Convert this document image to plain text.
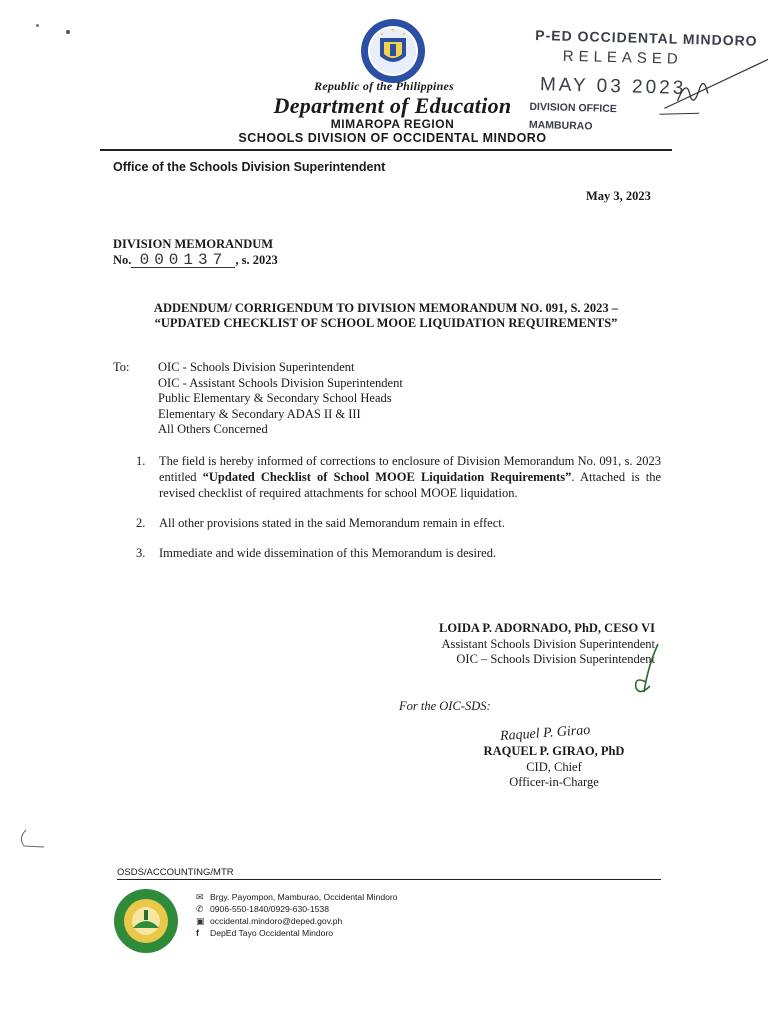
Republic of the Philippines
Department of Education
MIMAROPA REGION
SCHOOLS DIVISION OF OCCIDENTAL MINDORO
P-ED OCCIDENTAL MINDORO
RELEASED
MAY 03 2023
DIVISION OFFICE
MAMBURAO
Office of the Schools Division Superintendent
May 3, 2023
DIVISION MEMORANDUM
No. 000137 , s. 2023
ADDENDUM/ CORRIGENDUM TO DIVISION MEMORANDUM NO. 091, S. 2023 –
“UPDATED CHECKLIST OF SCHOOL MOOE LIQUIDATION REQUIREMENTS”
To: OIC - Schools Division Superintendent
OIC - Assistant Schools Division Superintendent
Public Elementary & Secondary School Heads
Elementary & Secondary ADAS II & III
All Others Concerned
1.	The field is hereby informed of corrections to enclosure of Division Memorandum No. 091, s. 2023 entitled “Updated Checklist of School MOOE Liquidation Requirements”. Attached is the revised checklist of required attachments for school MOOE liquidation.
2.	All other provisions stated in the said Memorandum remain in effect.
3.	Immediate and wide dissemination of this Memorandum is desired.
LOIDA P. ADORNADO, PhD, CESO VI
Assistant Schools Division Superintendent
OIC – Schools Division Superintendent
For the OIC-SDS:
Raquel P. Girao
RAQUEL P. GIRAO, PhD
CID, Chief
Officer-in-Charge
OSDS/ACCOUNTING/MTR
✉ Brgy. Payompon, Mamburao, Occidental Mindoro
✆ 0906-550-1840/0929-630-1538
▣ occidental.mindoro@deped.gov.ph
f	DepEd Tayo Occidental Mindoro
